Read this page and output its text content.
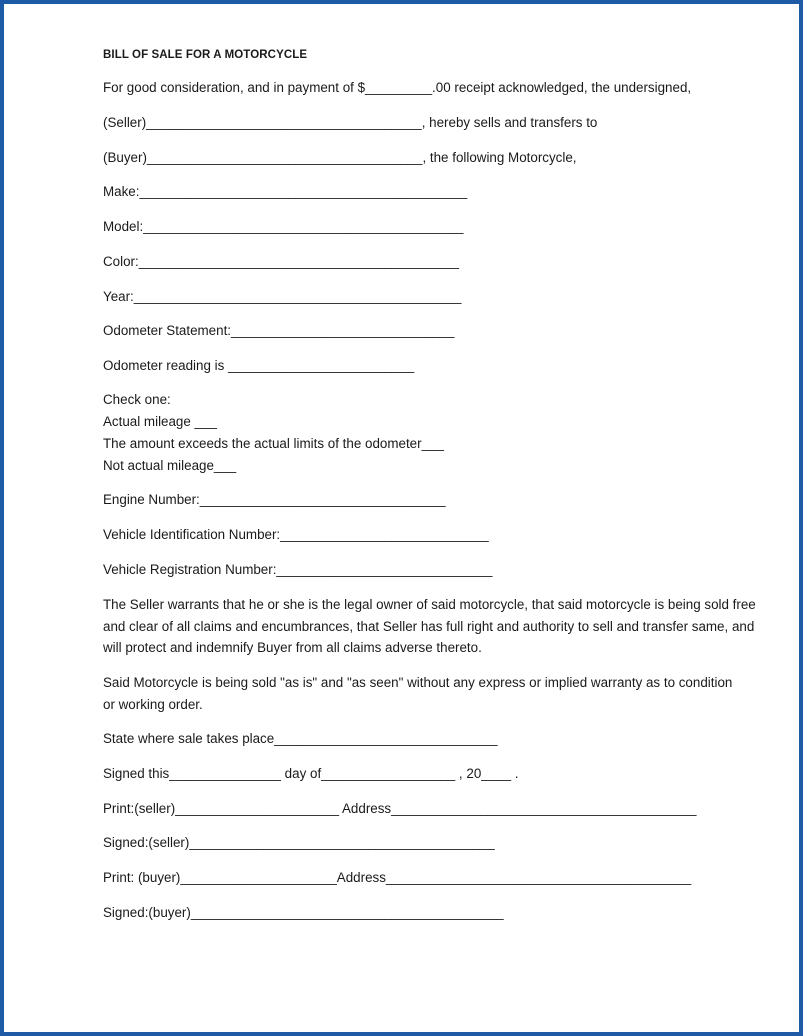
BILL OF SALE FOR A MOTORCYCLE
For good consideration, and in payment of $_________.00 receipt acknowledged, the undersigned,
(Seller)_____________________________________, hereby sells and transfers to
(Buyer)_____________________________________, the following Motorcycle,
Make:____________________________________________
Model:___________________________________________
Color:___________________________________________
Year:____________________________________________
Odometer Statement:______________________________
Odometer reading is _________________________
Check one:
Actual mileage ___
The amount exceeds the actual limits of the odometer___
Not actual mileage___
Engine Number:_________________________________
Vehicle Identification Number:____________________________
Vehicle Registration Number:_____________________________
The Seller warrants that he or she is the legal owner of said motorcycle, that said motorcycle is being sold free and clear of all claims and encumbrances, that Seller has full right and authority to sell and transfer same, and will protect and indemnify Buyer from all claims adverse thereto.
Said Motorcycle is being sold "as is" and "as seen" without any express or implied warranty as to condition or working order.
State where sale takes place______________________________
Signed this_______________ day of__________________ , 20____ .
Print:(seller)______________________ Address_________________________________________
Signed:(seller)_________________________________________
Print: (buyer)_____________________Address_________________________________________
Signed:(buyer)__________________________________________
